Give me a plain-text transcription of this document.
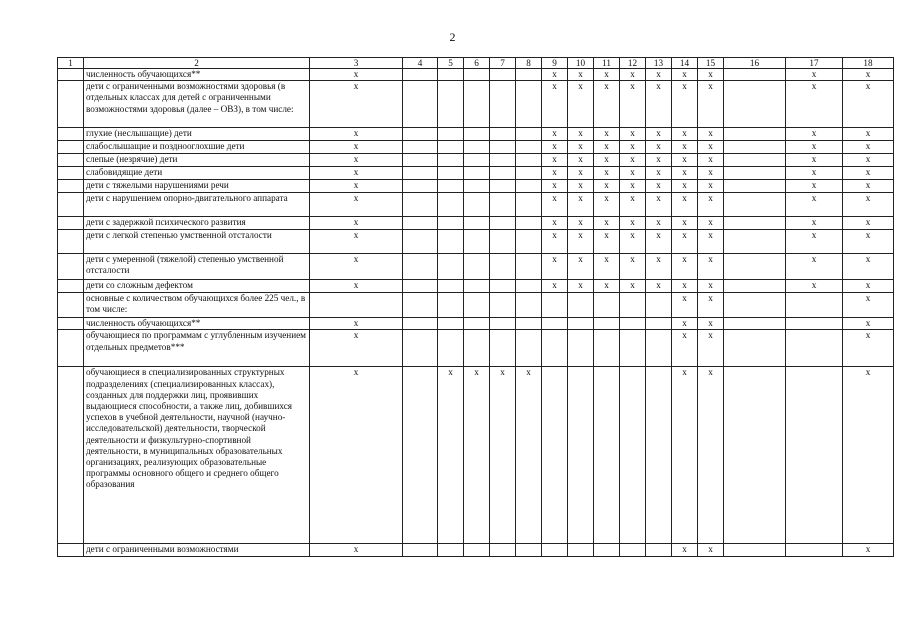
2
1	2	3	4	5	6	7	8	9	10	11	12	13	14	15	16	17	18
	численность обучающихся**	x						x	x	x	x	x	x	x		x	x
	дети с ограниченными возможностями здоровья (в отдельных классах для детей с ограниченными возможностями здоровья (далее – ОВЗ), в том числе:	x						x	x	x	x	x	x	x		x	x
	глухие (неслышащие) дети	x						x	x	x	x	x	x	x		x	x
	слабослышащие и позднооглохшие дети	x						x	x	x	x	x	x	x		x	x
	слепые (незрячие) дети	x						x	x	x	x	x	x	x		x	x
	слабовидящие дети	x						x	x	x	x	x	x	x		x	x
	дети с тяжелыми нарушениями речи	x						x	x	x	x	x	x	x		x	x
	дети с нарушением опорно-двигательного аппарата	x						x	x	x	x	x	x	x		x	x
	дети с задержкой психического развития	x						x	x	x	x	x	x	x		x	x
	дети с легкой степенью умственной отсталости	x						x	x	x	x	x	x	x		x	x
	дети с умеренной (тяжелой) степенью умственной отсталости	x						x	x	x	x	x	x	x		x	x
	дети со сложным дефектом	x						x	x	x	x	x	x	x		x	x
	основные с количеством обучающихся более 225 чел., в том числе:												x	x			x
	численность обучающихся**	x											x	x			x
	обучающиеся по программам с углубленным изучением отдельных предметов***	x											x	x			x
	обучающиеся в специализированных структурных подразделениях (специализированных классах), созданных для поддержки лиц, проявивших выдающиеся способности, а также лиц, добившихся успехов в учебной деятельности, научной (научно-исследовательской) деятельности, творческой деятельности и физкультурно-спортивной деятельности, в муниципальных образовательных организациях, реализующих образовательные программы основного общего и среднего общего образования	x		x	x	x	x						x	x			x
	дети с ограниченными возможностями	x											x	x			x
